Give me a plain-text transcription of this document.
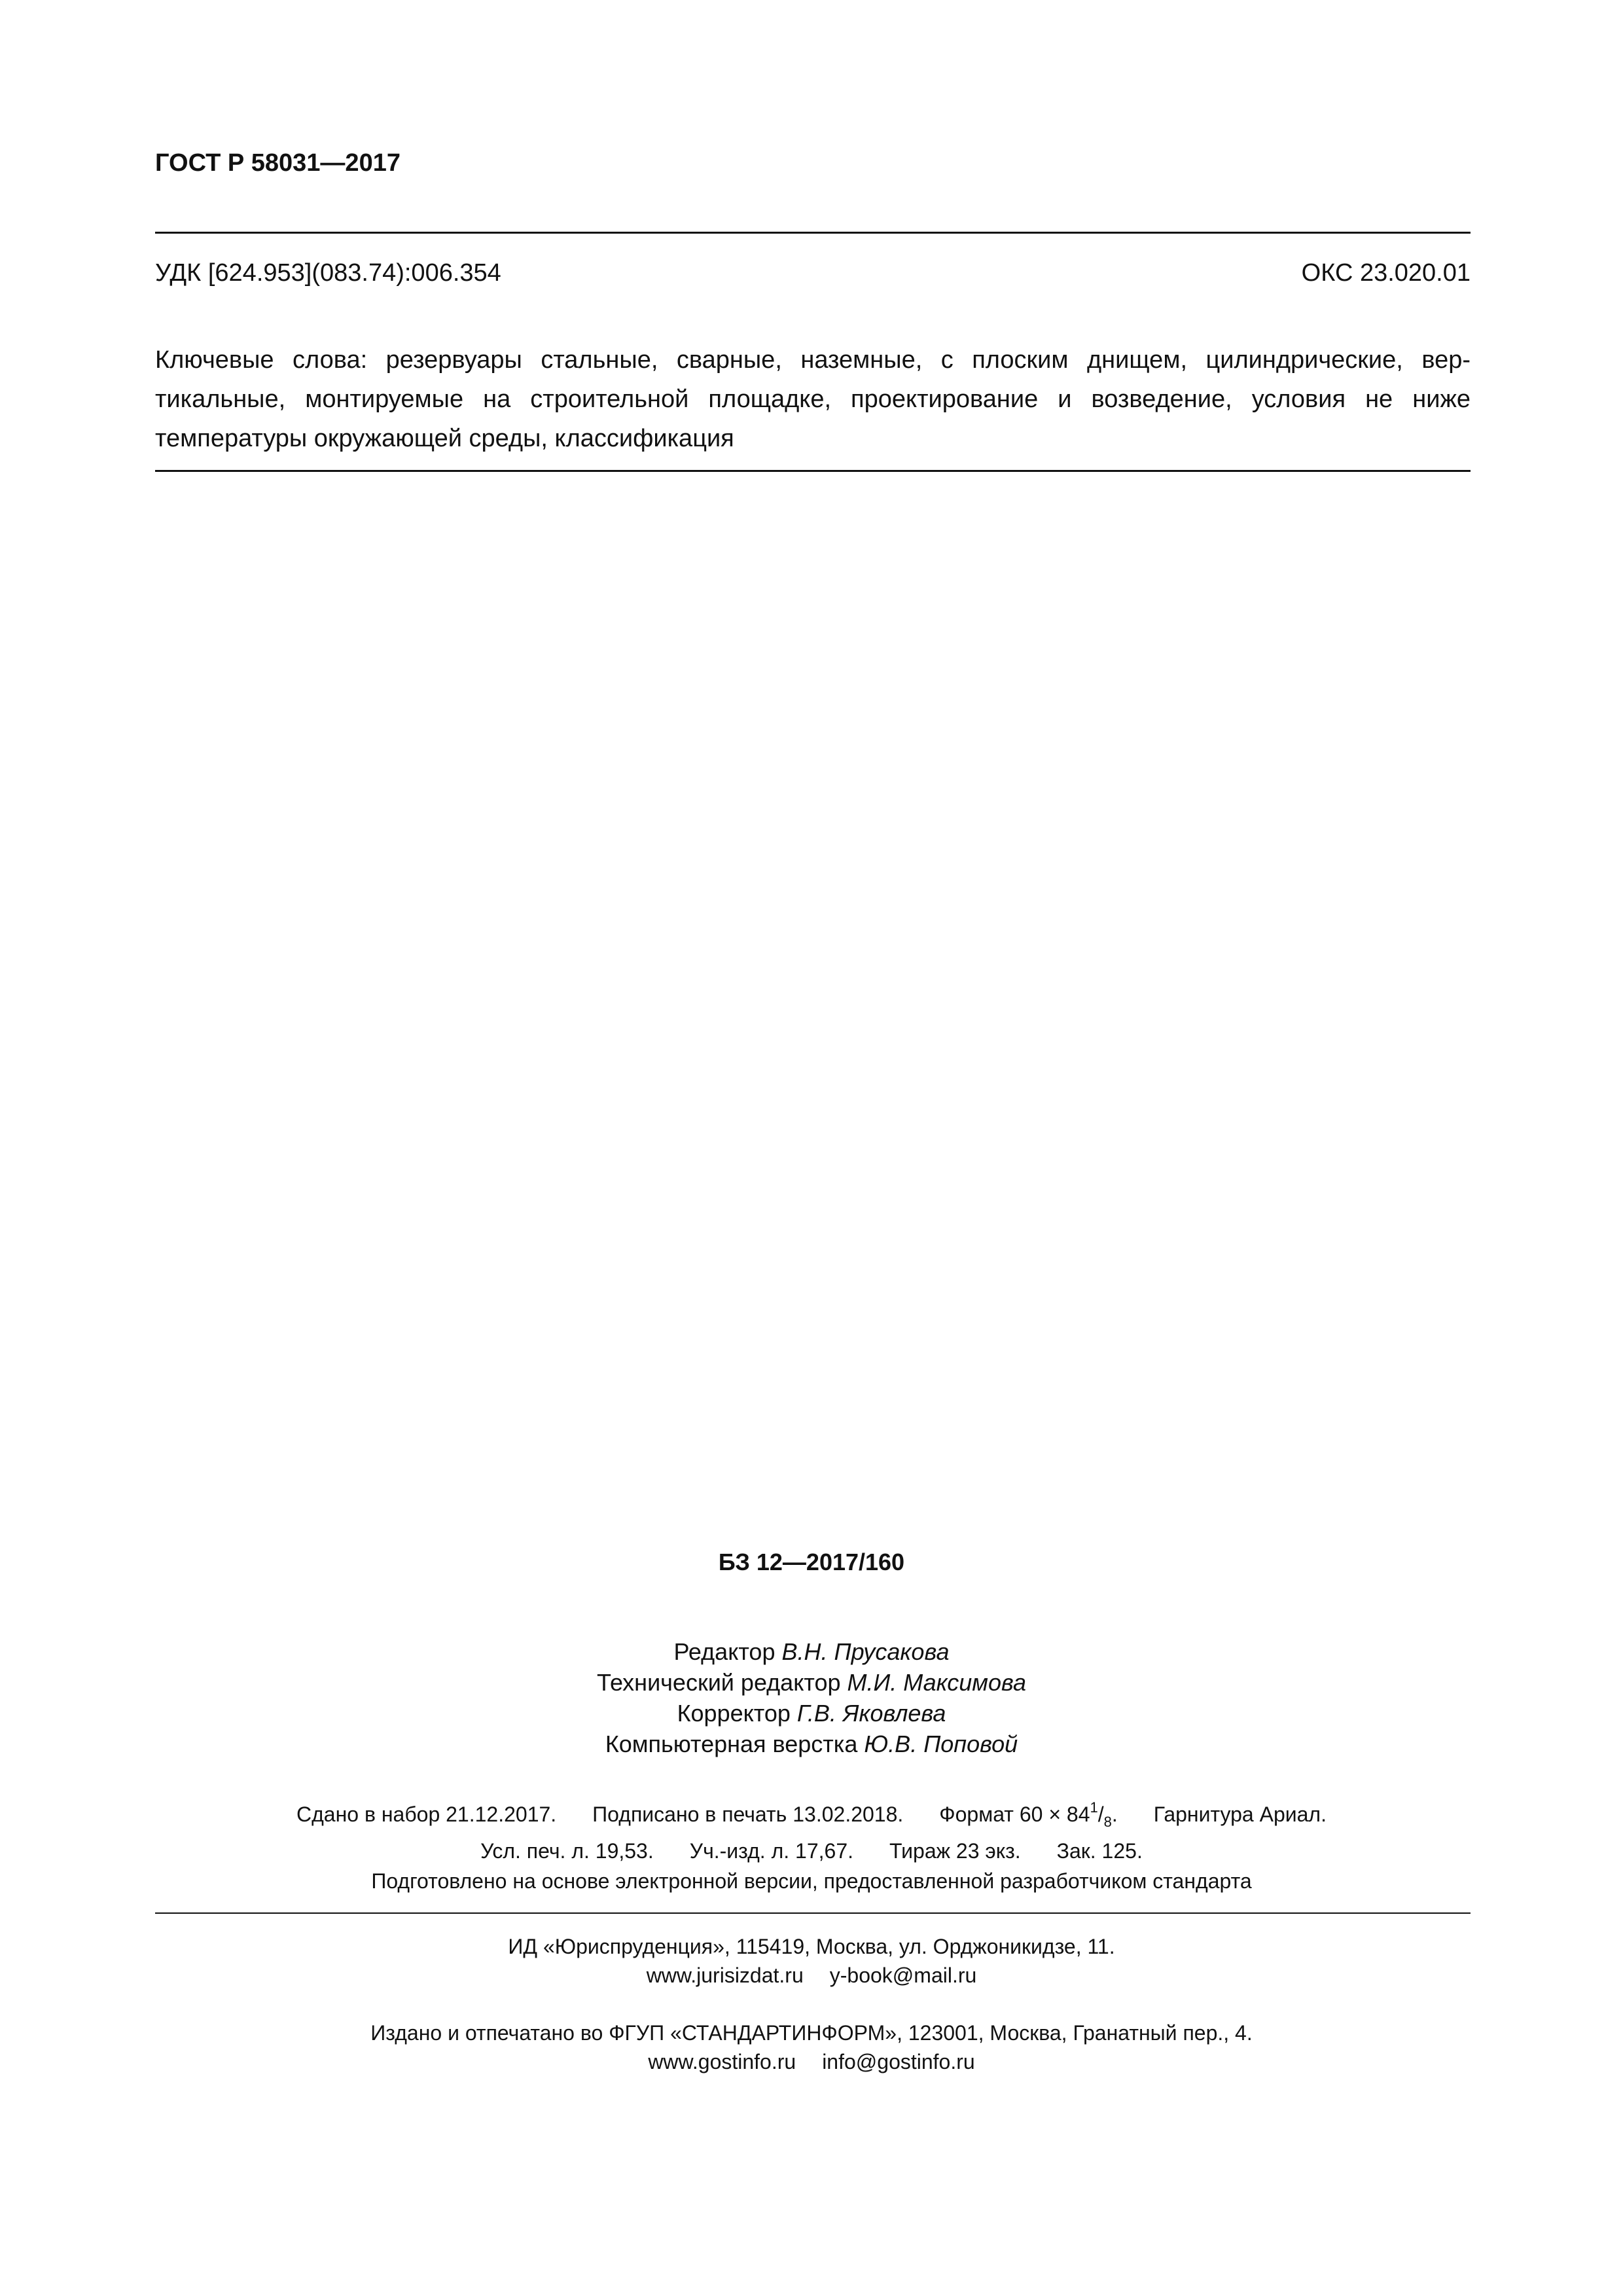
ГОСТ Р 58031—2017
УДК [624.953](083.74):006.354	ОКС 23.020.01
Ключевые слова: резервуары стальные, сварные, наземные, с плоским днищем, цилиндрические, вер-
тикальные, монтируемые на строительной площадке, проектирование и возведение, условия не ниже
температуры окружающей среды, классификация
БЗ 12—2017/160
Редактор В.Н. Прусакова
Технический редактор М.И. Максимова
Корректор Г.В. Яковлева
Компьютерная верстка Ю.В. Поповой
Сдано в набор 21.12.2017. Подписано в печать 13.02.2018. Формат $60 \times 84^1/_8$. Гарнитура Ариал.
Усл. печ. л. 19,53. Уч.-изд. л. 17,67. Тираж 23 экз. Зак. 125.
Подготовлено на основе электронной версии, предоставленной разработчиком стандарта
ИД «Юриспруденция», 115419, Москва, ул. Орджоникидзе, 11.
www.jurisizdat.ru y-book@mail.ru
Издано и отпечатано во ФГУП «СТАНДАРТИНФОРМ», 123001, Москва, Гранатный пер., 4.
www.gostinfo.ru info@gostinfo.ru
